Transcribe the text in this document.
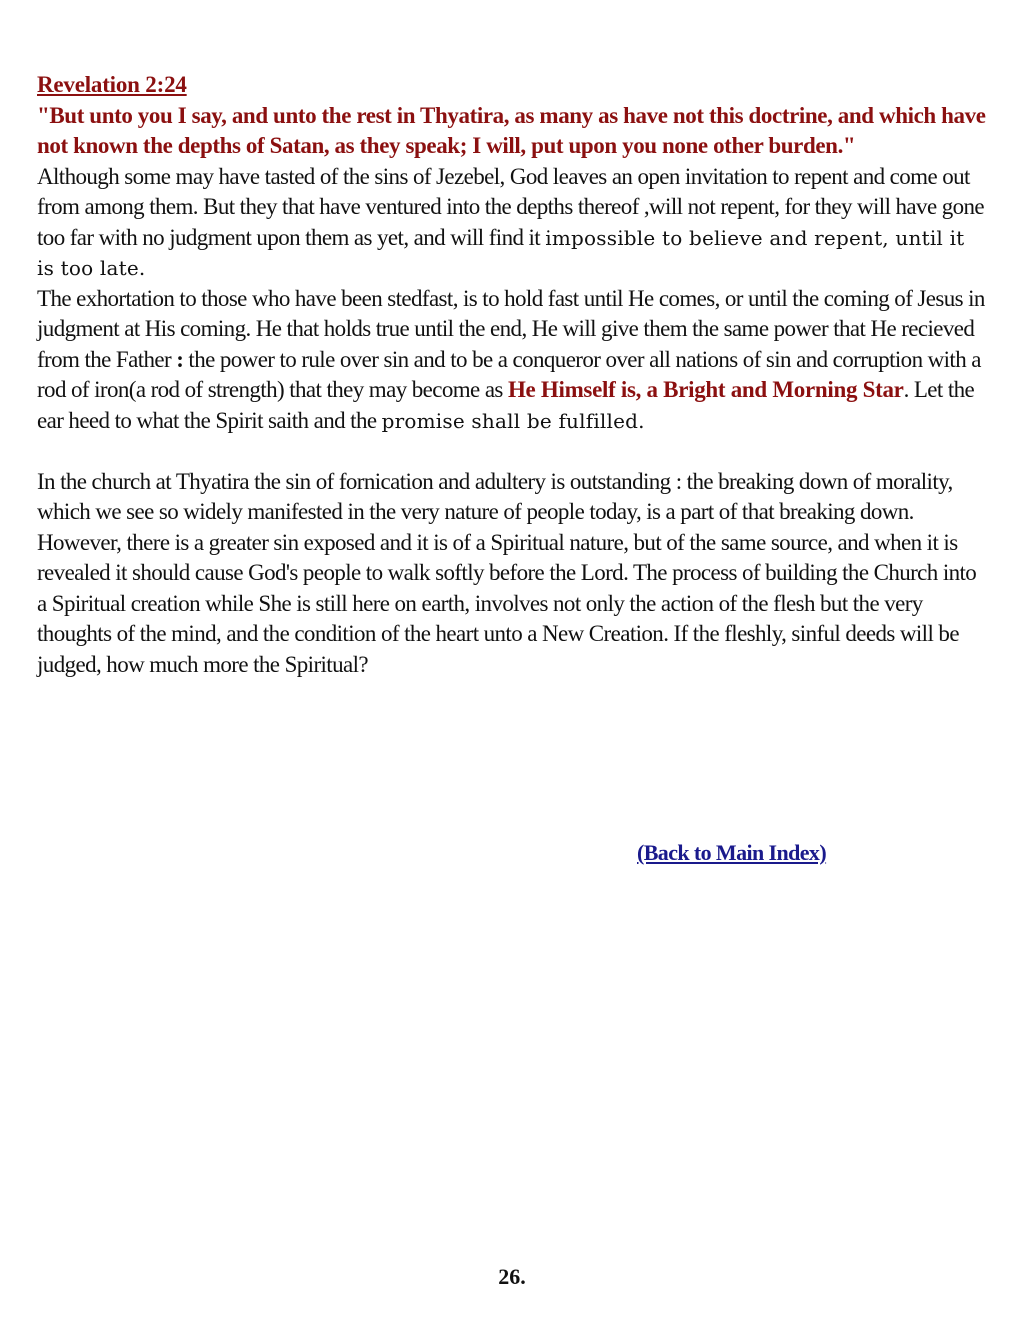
Revelation 2:24
"But unto you I say, and unto the rest in Thyatira, as many as have not this doctrine, and which have not known the depths of Satan, as they speak; I will, put upon you none other burden."

Although some may have tasted of the sins of Jezebel, God leaves an open invitation to repent and come out from among them. But they that have ventured into the depths thereof ,will not repent, for they will have gone too far with no judgment upon them as yet, and will find it impossible to believe and repent, until it is too late.

The exhortation to those who have been stedfast, is to hold fast until He comes, or until the coming of Jesus in judgment at His coming. He that holds true until the end, He will give them the same power that He recieved from the Father : the power to rule over sin and to be a conqueror over all nations of sin and corruption with a rod of iron(a rod of strength) that they may become as He Himself is, a Bright and Morning Star. Let the ear heed to what the Spirit saith and the promise shall be fulfilled.

In the church at Thyatira the sin of fornication and adultery is outstanding : the breaking down of morality, which we see so widely manifested in the very nature of people today, is a part of that breaking down. However, there is a greater sin exposed and it is of a Spiritual nature, but of the same source, and when it is revealed it should cause God's people to walk softly before the Lord. The process of building the Church into a Spiritual creation while She is still here on earth, involves not only the action of the flesh but the very thoughts of the mind, and the condition of the heart unto a New Creation. If the fleshly, sinful deeds will be judged, how much more the Spiritual?

(Back to Main Index)
26.
